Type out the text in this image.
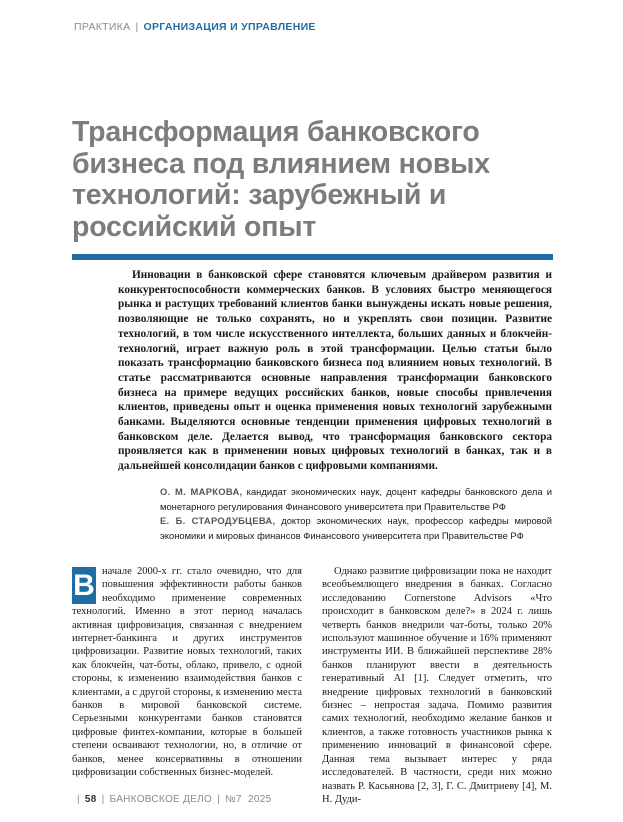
ПРАКТИКА | ОРГАНИЗАЦИЯ И УПРАВЛЕНИЕ
Трансформация банковского бизнеса под влиянием новых технологий: зарубежный и российский опыт

Инновации в банковской сфере становятся ключевым драйвером развития и конкурентоспособности коммерческих банков. В условиях быстро меняющегося рынка и растущих требований клиентов банки вынуждены искать новые решения, позволяющие не только сохранять, но и укреплять свои позиции. Развитие технологий, в том числе искусственного интеллекта, больших данных и блокчейн-технологий, играет важную роль в этой трансформации. Целью статьи было показать трансформацию банковского бизнеса под влиянием новых технологий. В статье рассматриваются основные направления трансформации банковского бизнеса на примере ведущих российских банков, новые способы привлечения клиентов, приведены опыт и оценка применения новых технологий зарубежными банками. Выделяются основные тенденции применения цифровых технологий в банковском деле. Делается вывод, что трансформация банковского сектора проявляется как в применении новых цифровых технологий в банках, так и в дальнейшей консолидации банков с цифровыми компаниями.

О. М. МАРКОВА, кандидат экономических наук, доцент кафедры банковского дела и монетарного регулирования Финансового университета при Правительстве РФ

Е. Б. СТАРОДУБЦЕВА, доктор экономических наук, профессор кафедры мировой экономики и мировых финансов Финансового университета при Правительстве РФ

В начале 2000-х гг. стало очевидно, что для повышения эффективности работы банков необходимо применение современных технологий. Именно в этот период началась активная цифровизация, связанная с внедрением интернет-банкинга и других инструментов цифровизации. Развитие новых технологий, таких как блокчейн, чат-боты, облако, привело, с одной стороны, к изменению взаимодействия банков с клиентами, а с другой стороны, к изменению места банков в мировой банковской системе. Серьезными конкурентами банков становятся цифровые финтех-компании, которые в большей степени осваивают технологии, но, в отличие от банков, менее консервативны в отношении цифровизации собственных бизнес-моделей.

Однако развитие цифровизации пока не находит всеобъемлющего внедрения в банках. Согласно исследованию Cornerstone Advisors «Что происходит в банковском деле?» в 2024 г. лишь четверть банков внедрили чат-боты, только 20% используют машинное обучение и 16% применяют инструменты ИИ. В ближайшей перспективе 28% банков планируют ввести в деятельность генеративный AI [1]. Следует отметить, что внедрение цифровых технологий в банковский бизнес – непростая задача. Помимо развития самих технологий, необходимо желание банков и клиентов, а также готовность участников рынка к применению инноваций в финансовой сфере. Данная тема вызывает интерес у ряда исследователей. В частности, среди них можно назвать Р. Касьянова [2, 3], Г. С. Дмитриеву [4], М. Н. Дуди-

| 58 | БАНКОВСКОЕ ДЕЛО | №7 2025
